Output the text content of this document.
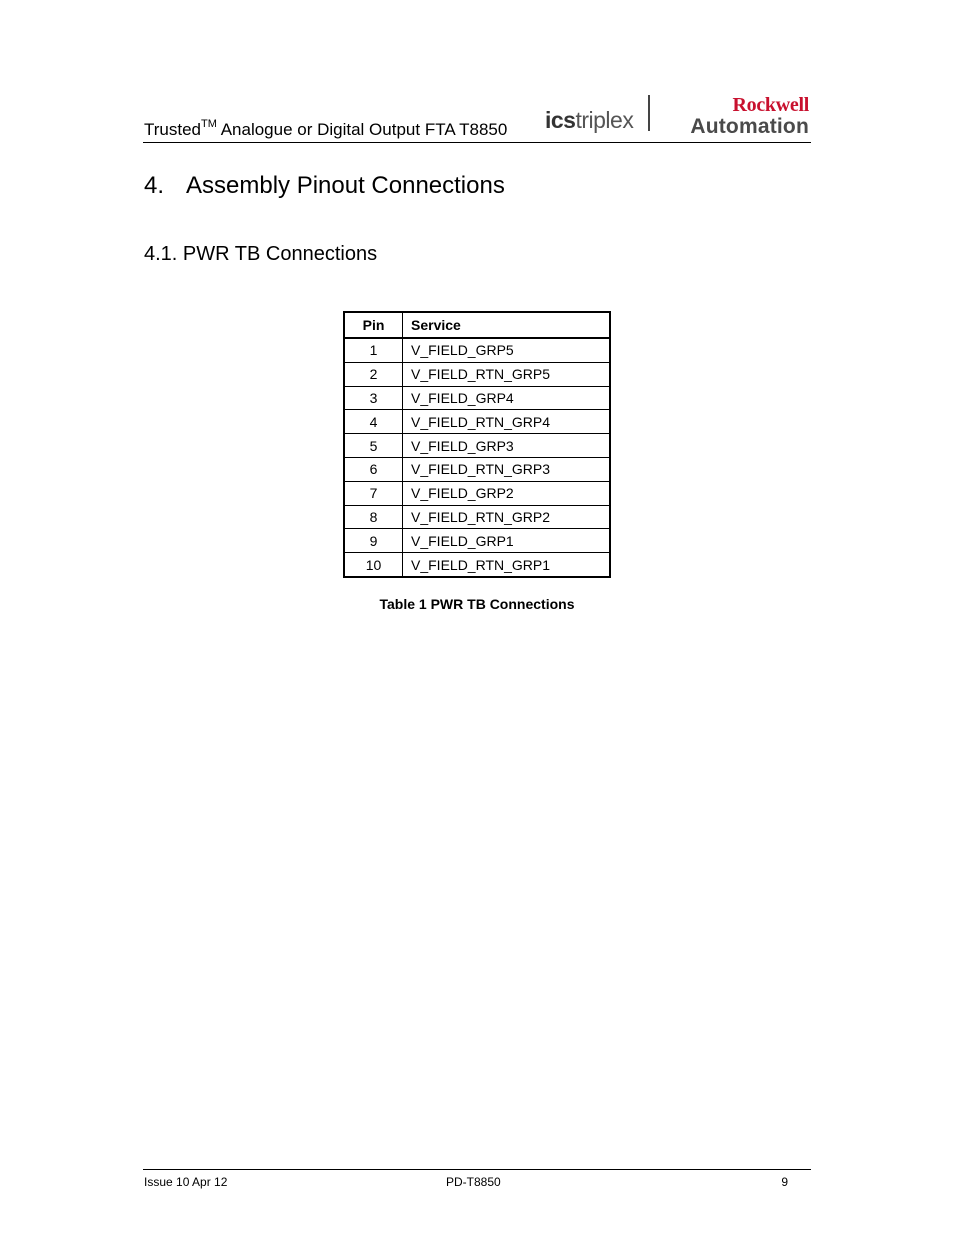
Trusted™ Analogue or Digital Output FTA T8850 icstriplex
Rockwell
Automation
4. Assembly Pinout Connections
4.1. PWR TB Connections
Pin	Service
1	V_FIELD_GRP5
2	V_FIELD_RTN_GRP5
3	V_FIELD_GRP4
4	V_FIELD_RTN_GRP4
5	V_FIELD_GRP3
6	V_FIELD_RTN_GRP3
7	V_FIELD_GRP2
8	V_FIELD_RTN_GRP2
9	V_FIELD_GRP1
10	V_FIELD_RTN_GRP1
Table 1 PWR TB Connections
Issue 10 Apr 12	PD-T8850	9
